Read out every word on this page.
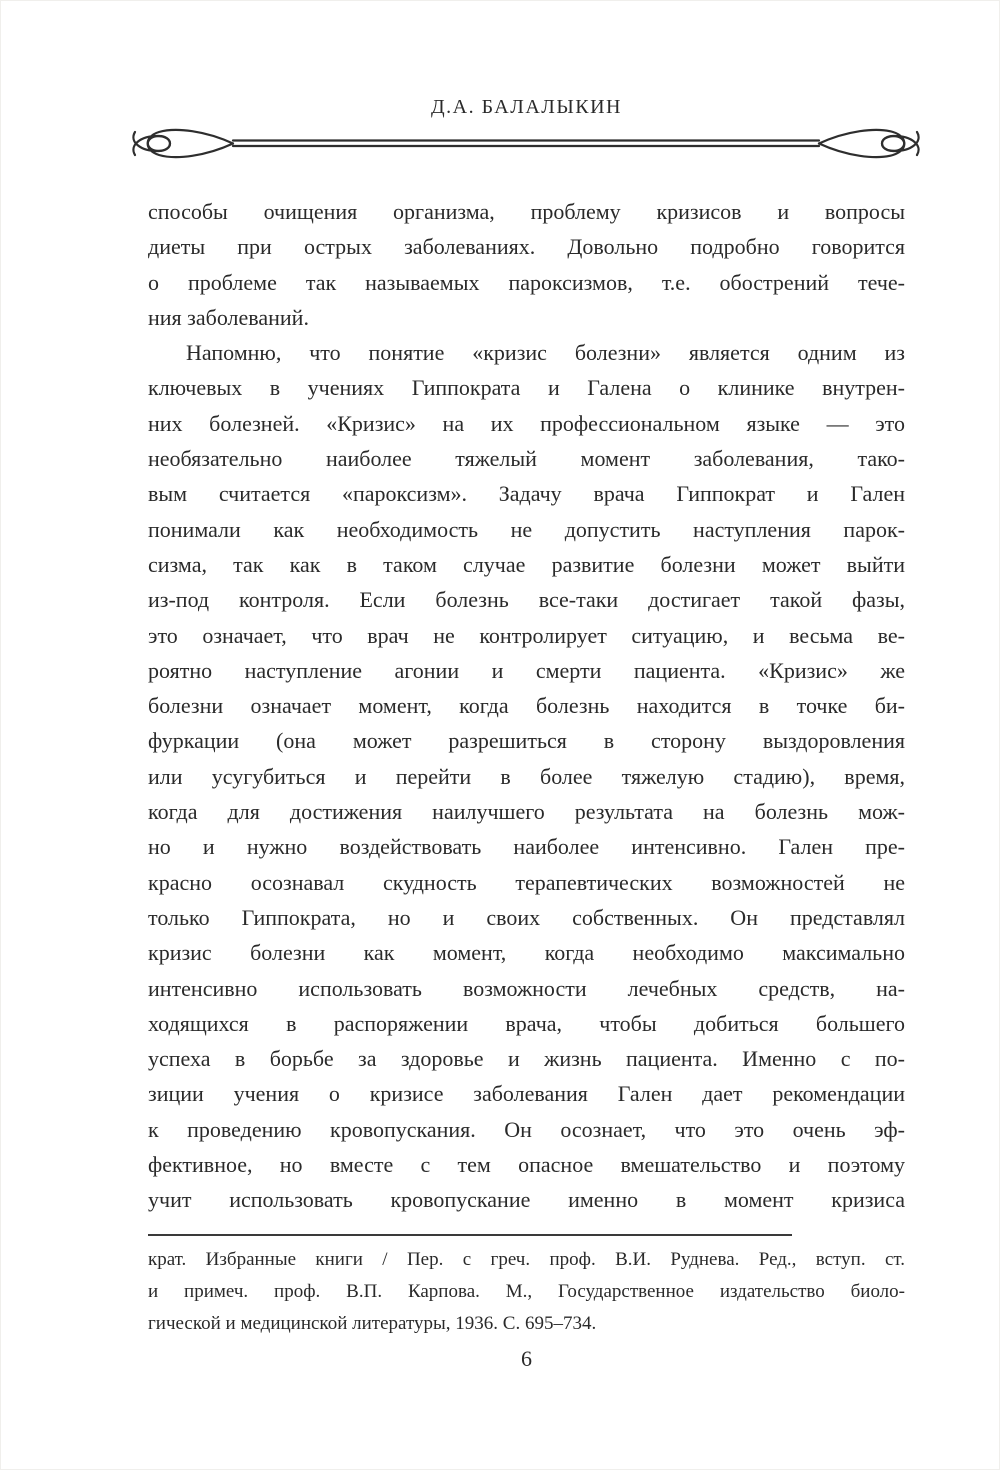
Д.А. БАЛАЛЫКИН
способы очищения организма, проблему кризисов и вопросы
диеты при острых заболеваниях. Довольно подробно говорится
о проблеме так называемых пароксизмов, т.е. обострений тече-
ния заболеваний.
Напомню, что понятие «кризис болезни» является одним из
ключевых в учениях Гиппократа и Галена о клинике внутрен-
них болезней. «Кризис» на их профессиональном языке — это
необязательно наиболее тяжелый момент заболевания, тако-
вым считается «пароксизм». Задачу врача Гиппократ и Гален
понимали как необходимость не допустить наступления парок-
сизма, так как в таком случае развитие болезни может выйти
из-под контроля. Если болезнь все-таки достигает такой фазы,
это означает, что врач не контролирует ситуацию, и весьма ве-
роятно наступление агонии и смерти пациента. «Кризис» же
болезни означает момент, когда болезнь находится в точке би-
фуркации (она может разрешиться в сторону выздоровления
или усугубиться и перейти в более тяжелую стадию), время,
когда для достижения наилучшего результата на болезнь мож-
но и нужно воздействовать наиболее интенсивно. Гален пре-
красно осознавал скудность терапевтических возможностей не
только Гиппократа, но и своих собственных. Он представлял
кризис болезни как момент, когда необходимо максимально
интенсивно использовать возможности лечебных средств, на-
ходящихся в распоряжении врача, чтобы добиться большего
успеха в борьбе за здоровье и жизнь пациента. Именно с по-
зиции учения о кризисе заболевания Гален дает рекомендации
к проведению кровопускания. Он осознает, что это очень эф-
фективное, но вместе с тем опасное вмешательство и поэтому
учит использовать кровопускание именно в момент кризиса
крат. Избранные книги / Пер. с греч. проф. В.И. Руднева. Ред., вступ. ст.
и примеч. проф. В.П. Карпова. М., Государственное издательство биоло-
гической и медицинской литературы, 1936. С. 695–734.
6
